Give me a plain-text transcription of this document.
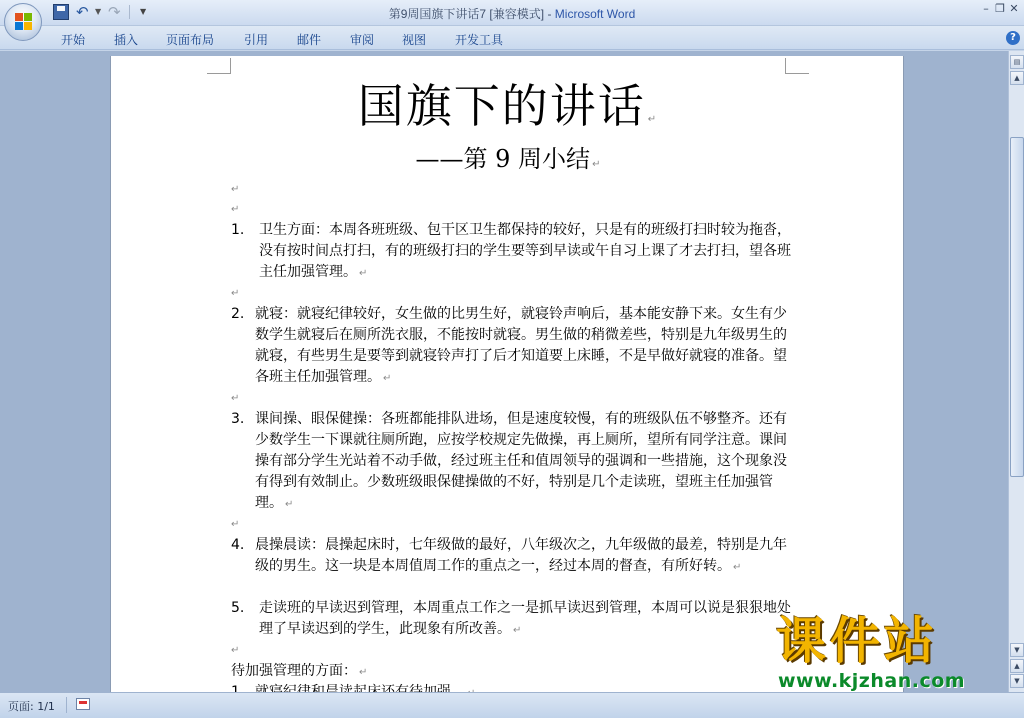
↶ ▼ ↷	▼	第9周国旗下讲话7 [兼容模式] - Microsoft Word	– ❐ ✕
开始 插入 页面布局 引用 邮件 审阅 视图 开发工具	?
国旗下的讲话 ↵
——第 9 周小结 ↵
↵
↵
1.	卫生方面：本周各班班级、包干区卫生都保持的较好，只是有的班级打扫时较为拖沓，没有按时间点打扫，有的班级打扫的学生要等到早读或午自习上课了才去打扫，望各班主任加强管理。 ↵
↵
2. 就寝：就寝纪律较好，女生做的比男生好，就寝铃声响后，基本能安静下来。女生有少数学生就寝后在厕所洗衣服，不能按时就寝。男生做的稍微差些，特别是九年级男生的就寝，有些男生是要等到就寝铃声打了后才知道要上床睡，不是早做好就寝的准备。望各班主任加强管理。 ↵
↵
3. 课间操、眼保健操：各班都能排队进场，但是速度较慢，有的班级队伍不够整齐。还有少数学生一下课就往厕所跑，应按学校规定先做操，再上厕所，望所有同学注意。课间操有部分学生光站着不动手做，经过班主任和值周领导的强调和一些措施，这个现象没有得到有效制止。少数班级眼保健操做的不好，特别是几个走读班，望班主任加强管理。 ↵
↵
4. 晨操晨读：晨操起床时，七年级做的最好，八年级次之，九年级做的最差，特别是九年级的男生。这一块是本周值周工作的重点之一，经过本周的督查，有所好转。 ↵
5.	走读班的早读迟到管理，本周重点工作之一是抓早读迟到管理，本周可以说是狠狠地处理了早读迟到的学生，此现象有所改善。 ↵
↵
待加强管理的方面： ↵
▤
▲
▼
▲
▼
页面: 1/1
课件站
www.kjzhan.com
